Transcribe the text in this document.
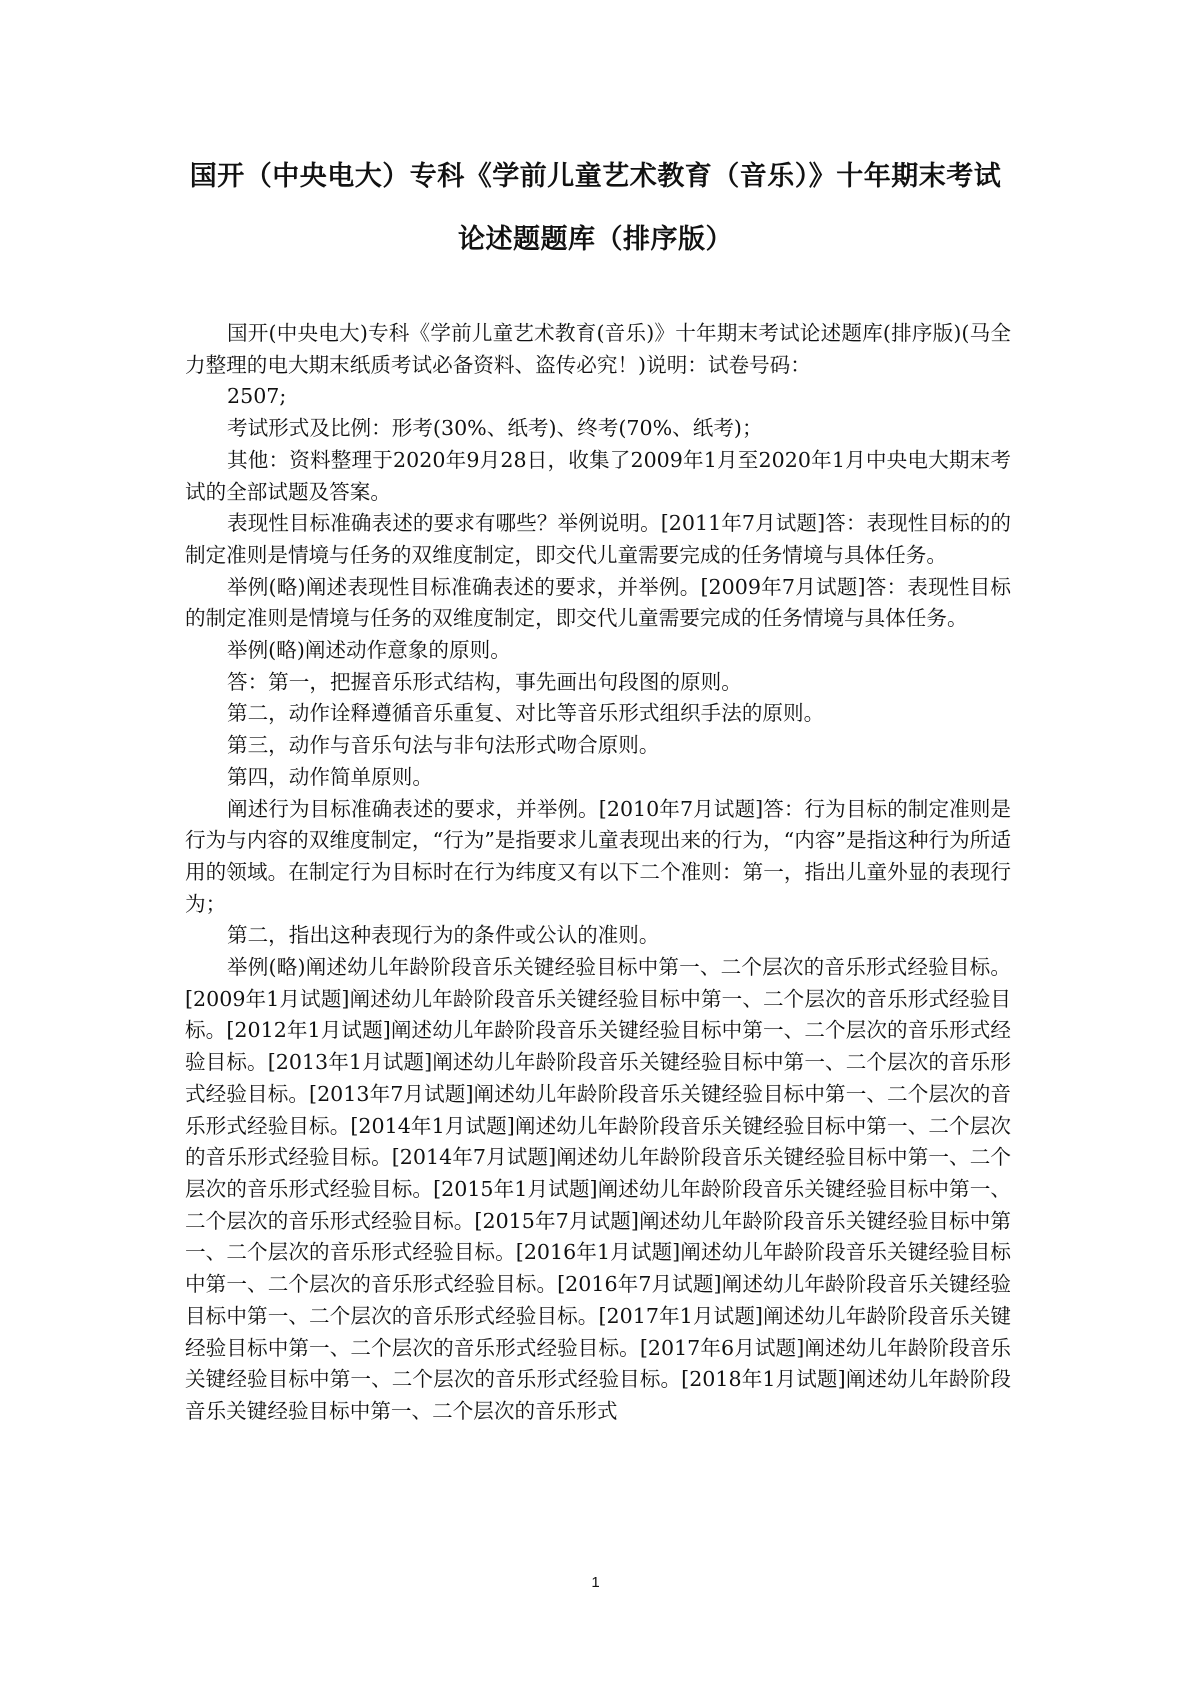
国开（中央电大）专科《学前儿童艺术教育（音乐）》十年期末考试
论述题题库（排序版）

国开(中央电大)专科《学前儿童艺术教育(音乐)》十年期末考试论述题库(排序版)(马全力整理的电大期末纸质考试必备资料、盗传必究！)说明：试卷号码：

2507;

考试形式及比例：形考(30%、纸考)、终考(70%、纸考)；

其他：资料整理于2020年9月28日，收集了2009年1月至2020年1月中央电大期末考试的全部试题及答案。

表现性目标准确表述的要求有哪些？举例说明。[2011年7月试题]答：表现性目标的的制定准则是情境与任务的双维度制定，即交代儿童需要完成的任务情境与具体任务。

举例(略)阐述表现性目标准确表述的要求，并举例。[2009年7月试题]答：表现性目标的制定准则是情境与任务的双维度制定，即交代儿童需要完成的任务情境与具体任务。

举例(略)阐述动作意象的原则。

答：第一，把握音乐形式结构，事先画出句段图的原则。

第二，动作诠释遵循音乐重复、对比等音乐形式组织手法的原则。

第三，动作与音乐句法与非句法形式吻合原则。

第四，动作简单原则。

阐述行为目标准确表述的要求，并举例。[2010年7月试题]答：行为目标的制定准则是行为与内容的双维度制定，“行为”是指要求儿童表现出来的行为，“内容”是指这种行为所适用的领域。在制定行为目标时在行为纬度又有以下二个准则：第一，指出儿童外显的表现行为；

第二，指出这种表现行为的条件或公认的准则。

举例(略)阐述幼儿年龄阶段音乐关键经验目标中第一、二个层次的音乐形式经验目标。[2009年1月试题]阐述幼儿年龄阶段音乐关键经验目标中第一、二个层次的音乐形式经验目标。[2012年1月试题]阐述幼儿年龄阶段音乐关键经验目标中第一、二个层次的音乐形式经验目标。[2013年1月试题]阐述幼儿年龄阶段音乐关键经验目标中第一、二个层次的音乐形式经验目标。[2013年7月试题]阐述幼儿年龄阶段音乐关键经验目标中第一、二个层次的音乐形式经验目标。[2014年1月试题]阐述幼儿年龄阶段音乐关键经验目标中第一、二个层次的音乐形式经验目标。[2014年7月试题]阐述幼儿年龄阶段音乐关键经验目标中第一、二个层次的音乐形式经验目标。[2015年1月试题]阐述幼儿年龄阶段音乐关键经验目标中第一、二个层次的音乐形式经验目标。[2015年7月试题]阐述幼儿年龄阶段音乐关键经验目标中第一、二个层次的音乐形式经验目标。[2016年1月试题]阐述幼儿年龄阶段音乐关键经验目标中第一、二个层次的音乐形式经验目标。[2016年7月试题]阐述幼儿年龄阶段音乐关键经验目标中第一、二个层次的音乐形式经验目标。[2017年1月试题]阐述幼儿年龄阶段音乐关键经验目标中第一、二个层次的音乐形式经验目标。[2017年6月试题]阐述幼儿年龄阶段音乐关键经验目标中第一、二个层次的音乐形式经验目标。[2018年1月试题]阐述幼儿年龄阶段音乐关键经验目标中第一、二个层次的音乐形式

1
